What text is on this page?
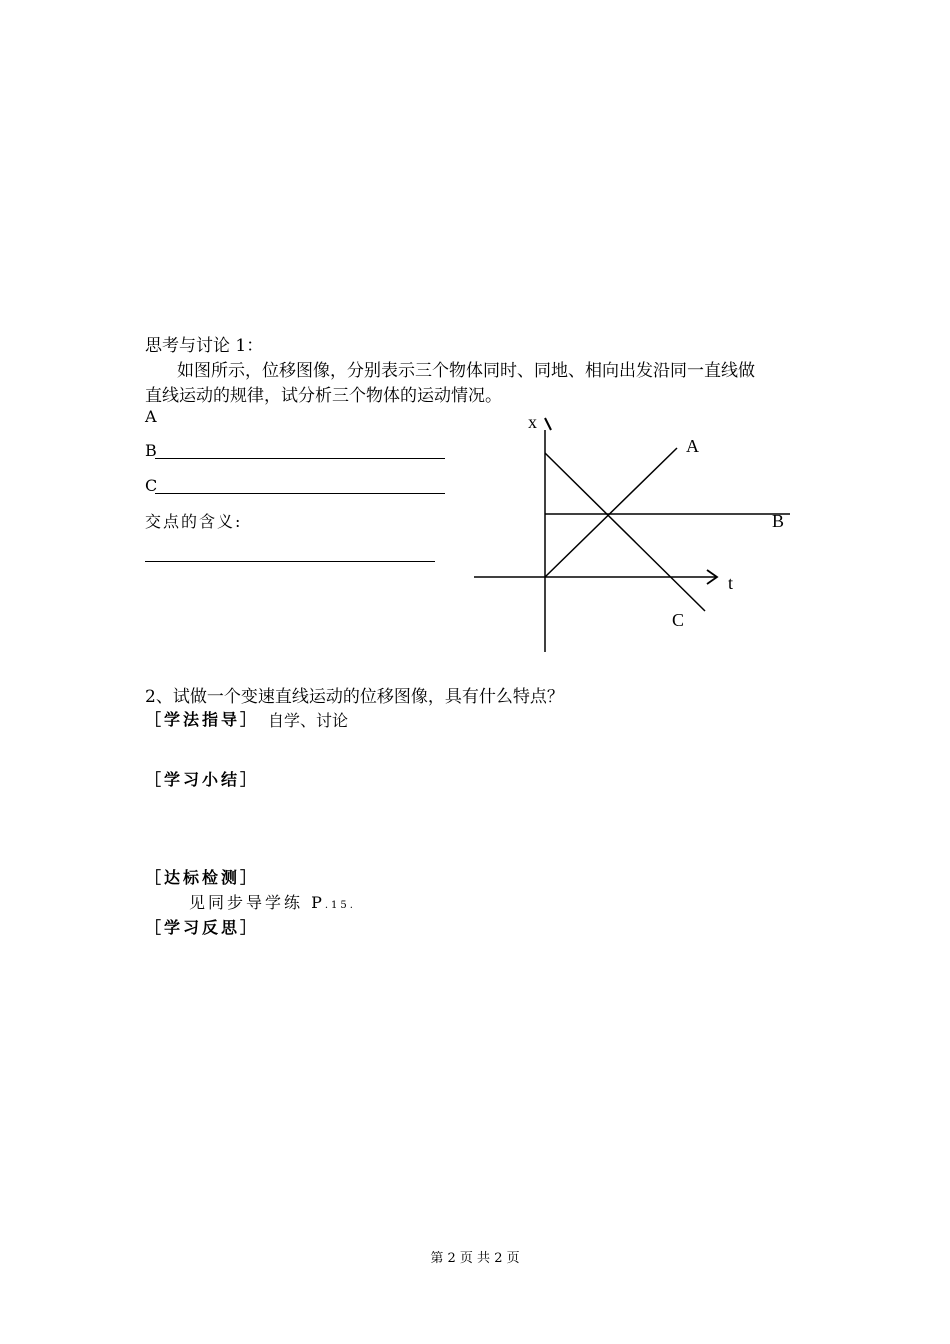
思考与讨论 1：
如图所示，位移图像，分别表示三个物体同时、同地、相向出发沿同一直线做
直线运动的规律，试分析三个物体的运动情况。
A
B
C
交点的含义:
x
t
A
B
C
2、试做一个变速直线运动的位移图像，具有什么特点？
［学法指导］ 自学、讨论
［学习小结］
［达标检测］
见同步导学练 P.15.
［学习反思］
第 2 页 共 2 页
